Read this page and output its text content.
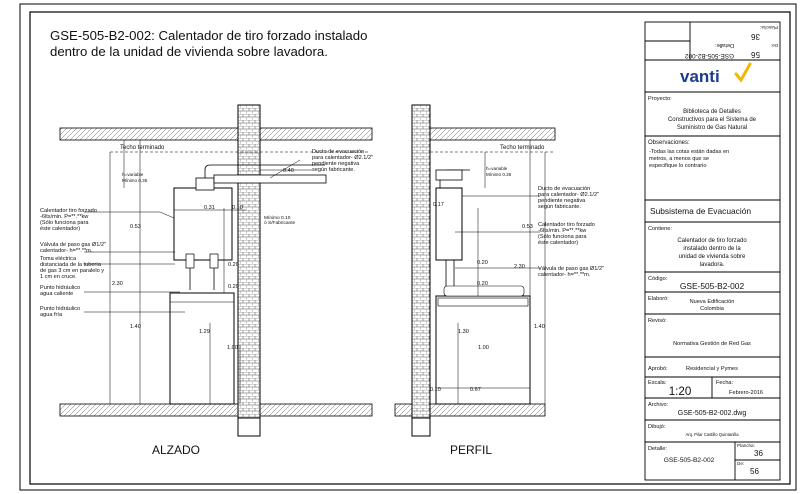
GSE-505-B2-002: Calentador de tiro forzado instalado
dentro de la unidad de vivienda sobre lavadora.
ALZADO
Techo terminado
h=variable
Mínimo 0.35
Ducto de evacuación
para calentador- Ø2.1/2"
pendiente negativa
según fabricante.
Calentador tiro forzado
-6lts/min. P=**.**kw
(Sólo funciona para
éste calentador)
Válvula de paso gas Ø1/2"
calentador- h=**.**m.
Toma eléctrica
distanciada de la tubería
de gas 3 cm en paralelo y
1 cm en cruce.
Punto hidráulico
agua caliente
Punto hidráulico
agua fría
Mínimo 0.10
ó S/Fabricante
0.40
0.31	0.10
0.53
0.20
0.20
2.30
1.40
1.29
1.00
PERFIL
Techo terminado
h=variable
Mínimo 0.35
Ducto de evacuación
para calentador- Ø2.1/2"
pendiente negativa
según fabricante.
Calentador tiro forzado
-6lts/min. P=**.**kw
(Sólo funciona para
éste calentador)
Válvula de paso gas Ø1/2"
calentador- h=**.**m.
0.17
0.53
0.20
0.20
2.30
1.40
1.30
1.00
0.10	0.67
Detalle:
GSE-505-B2-002
Plancha:
36
De:
56
vanti
Proyecto:
Biblioteca de Detalles
Constructivos para el Sistema de
Suministro de Gas Natural
Observaciones:
-Todas las cotas están dadas en
metros, a menos que se
especifique lo contrario
Subsistema de Evacuación
Contiene:
Calentador de tiro forzado
instalado dentro de la
unidad de vivienda sobre
lavadora.
Código:
GSE-505-B2-002
Elaboró:	Nueva Edificación
Colombia
Revisó:
Normativa Gestión de Red Gas
Aprobó:	Residencial y Pymes
Escala:
1:20
Fecha:
Febrero-2016
Archivo:
GSE-505-B2-002.dwg
Dibujó:
Arq. Pilar Castillo Quintanilla
Detalle:
GSE-505-B2-002
Plancha:
36
De:
56
